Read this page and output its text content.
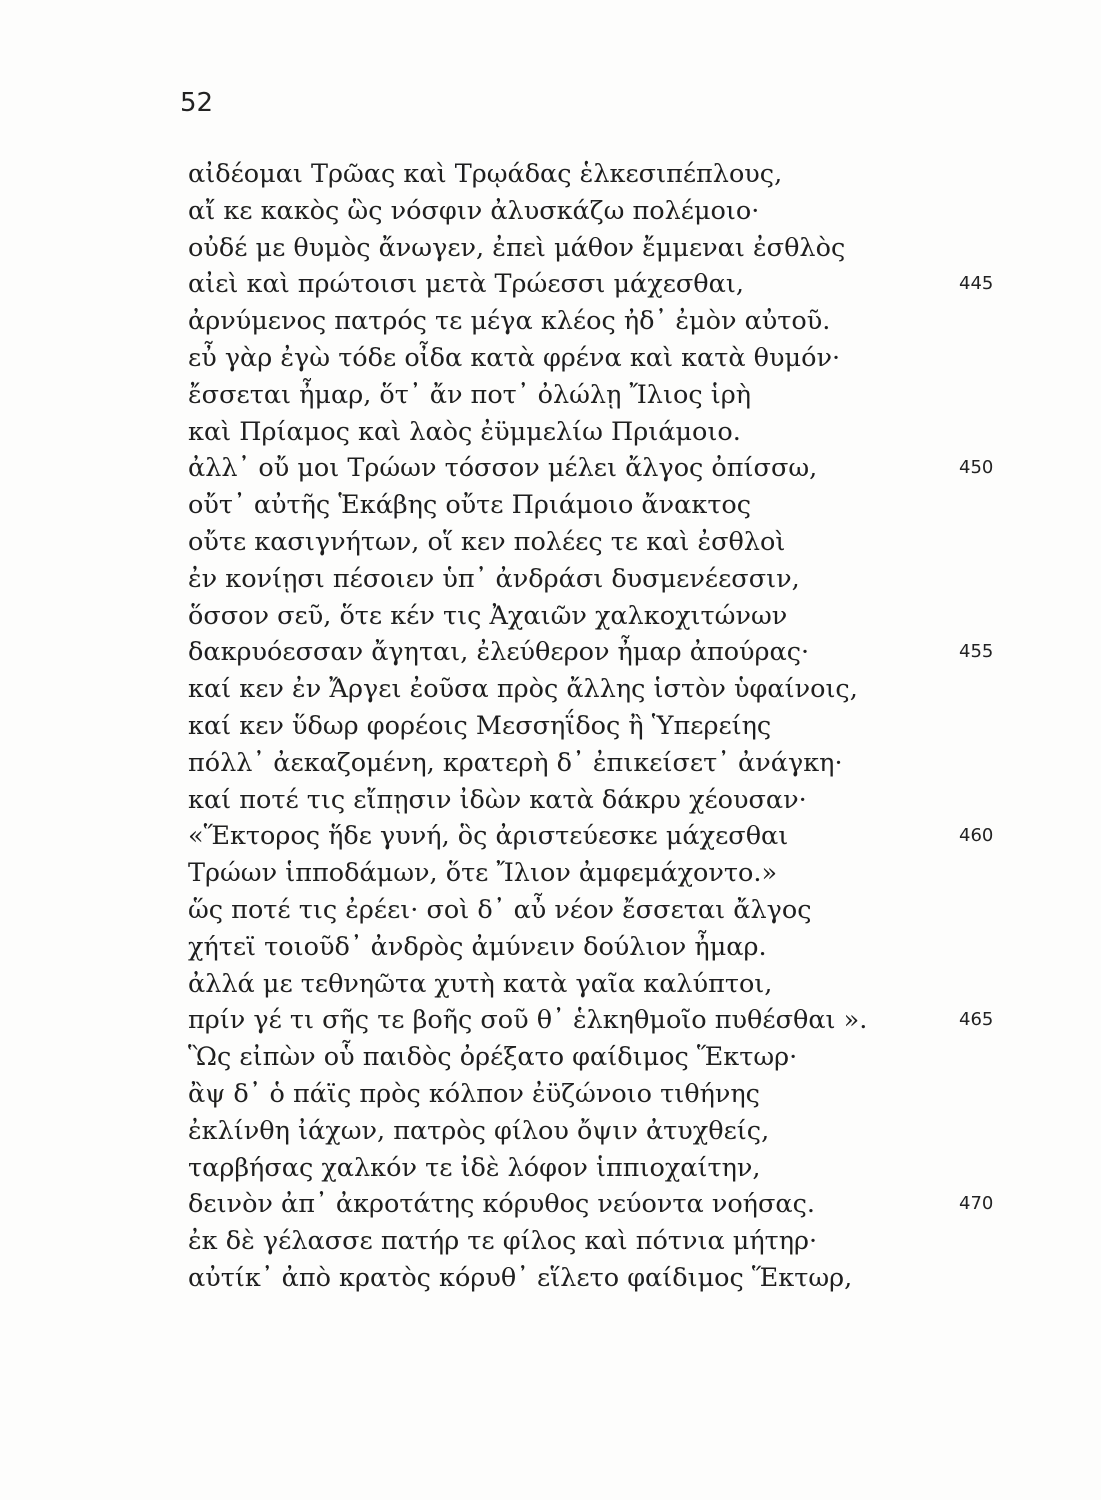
52
αἰδέομαι Τρῶας καὶ Τρῳάδας ἑλκεσιπέπλους,
αἴ κε κακὸς ὣς νόσφιν ἀλυσκάζω πολέμοιο·
οὐδέ με θυμὸς ἄνωγεν, ἐπεὶ μάθον ἔμμεναι ἐσθλὸς
αἰεὶ καὶ πρώτοισι μετὰ Τρώεσσι μάχεσθαι,	445
ἀρνύμενος πατρός τε μέγα κλέος ἠδ᾽ ἐμὸν αὐτοῦ.
εὖ γὰρ ἐγὼ τόδε οἶδα κατὰ φρένα καὶ κατὰ θυμόν·
ἔσσεται ἦμαρ, ὅτ᾽ ἄν ποτ᾽ ὀλώλῃ Ἴλιος ἱρὴ
καὶ Πρίαμος καὶ λαὸς ἐϋμμελίω Πριάμοιο.
ἀλλ᾽ οὔ μοι Τρώων τόσσον μέλει ἄλγος ὀπίσσω,	450
οὔτ᾽ αὐτῆς Ἑκάβης οὔτε Πριάμοιο ἄνακτος
οὔτε κασιγνήτων, οἵ κεν πολέες τε καὶ ἐσθλοὶ
ἐν κονίῃσι πέσοιεν ὑπ᾽ ἀνδράσι δυσμενέεσσιν,
ὅσσον σεῦ, ὅτε κέν τις Ἀχαιῶν χαλκοχιτώνων
δακρυόεσσαν ἄγηται, ἐλεύθερον ἦμαρ ἀπούρας·	455
καί κεν ἐν Ἄργει ἐοῦσα πρὸς ἄλλης ἱστὸν ὑφαίνοις,
καί κεν ὕδωρ φορέοις Μεσσηΐδος ἢ Ὑπερείης
πόλλ᾽ ἀεκαζομένη, κρατερὴ δ᾽ ἐπικείσετ᾽ ἀνάγκη·
καί ποτέ τις εἴπῃσιν ἰδὼν κατὰ δάκρυ χέουσαν·
«Ἕκτορος ἥδε γυνή, ὃς ἀριστεύεσκε μάχεσθαι	460
Τρώων ἱπποδάμων, ὅτε Ἴλιον ἀμφεμάχοντο.»
ὥς ποτέ τις ἐρέει· σοὶ δ᾽ αὖ νέον ἔσσεται ἄλγος
χήτεϊ τοιοῦδ᾽ ἀνδρὸς ἀμύνειν δούλιον ἦμαρ.
ἀλλά με τεθνηῶτα χυτὴ κατὰ γαῖα καλύπτοι,
πρίν γέ τι σῆς τε βοῆς σοῦ θ᾽ ἑλκηθμοῖο πυθέσθαι ».	465
Ὣς εἰπὼν οὗ παιδὸς ὀρέξατο φαίδιμος Ἕκτωρ·
ἂψ δ᾽ ὁ πάϊς πρὸς κόλπον ἐϋζώνοιο τιθήνης
ἐκλίνθη ἰάχων, πατρὸς φίλου ὄψιν ἀτυχθείς,
ταρβήσας χαλκόν τε ἰδὲ λόφον ἱππιοχαίτην,
δεινὸν ἀπ᾽ ἀκροτάτης κόρυθος νεύοντα νοήσας.	470
ἐκ δὲ γέλασσε πατήρ τε φίλος καὶ πότνια μήτηρ·
αὐτίκ᾽ ἀπὸ κρατὸς κόρυθ᾽ εἵλετο φαίδιμος Ἕκτωρ,
